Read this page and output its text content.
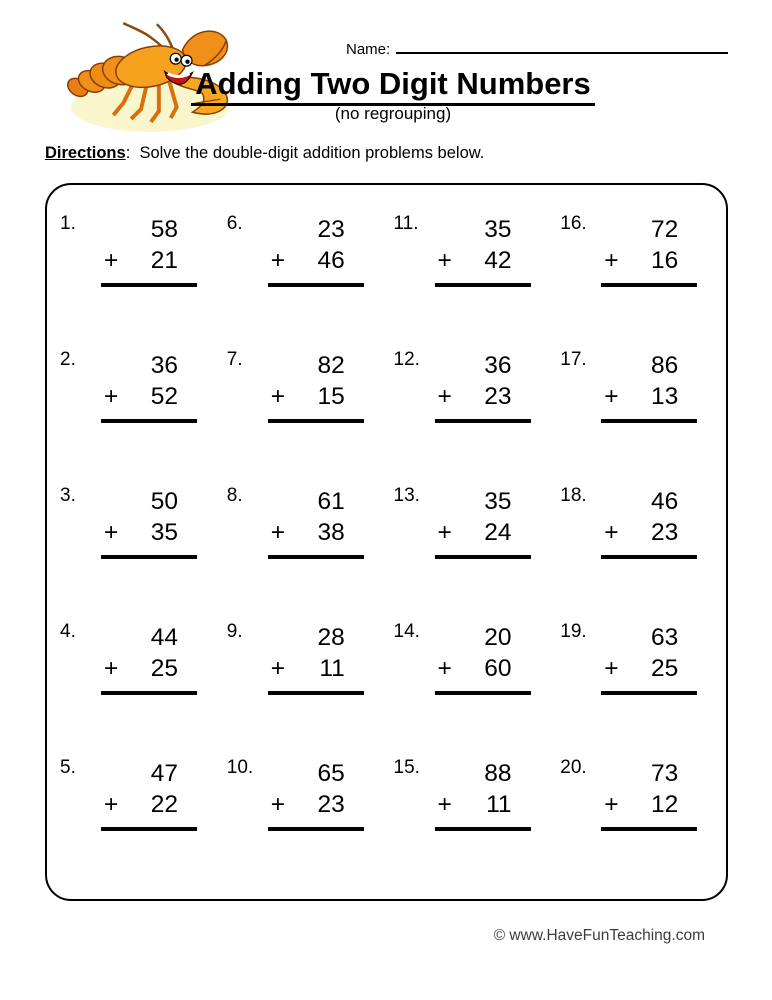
Name:
Adding Two Digit Numbers
(no regrouping)
Directions:  Solve the double-digit addition problems below.
1.	58
+ 21
6.	23
+ 46
11.	35
+ 42
16.	72
+ 16
2.	36
+ 52
7.	82
+ 15
12.	36
+ 23
17.	86
+ 13
3.	50
+ 35
8.	61
+ 38
13.	35
+ 24
18.	46
+ 23
4.	44
+ 25
9.	28
+ 11
14.	20
+ 60
19.	63
+ 25
5.	47
+ 22
10.	65
+ 23
15.	88
+ 11
20.	73
+ 12
© www.HaveFunTeaching.com
